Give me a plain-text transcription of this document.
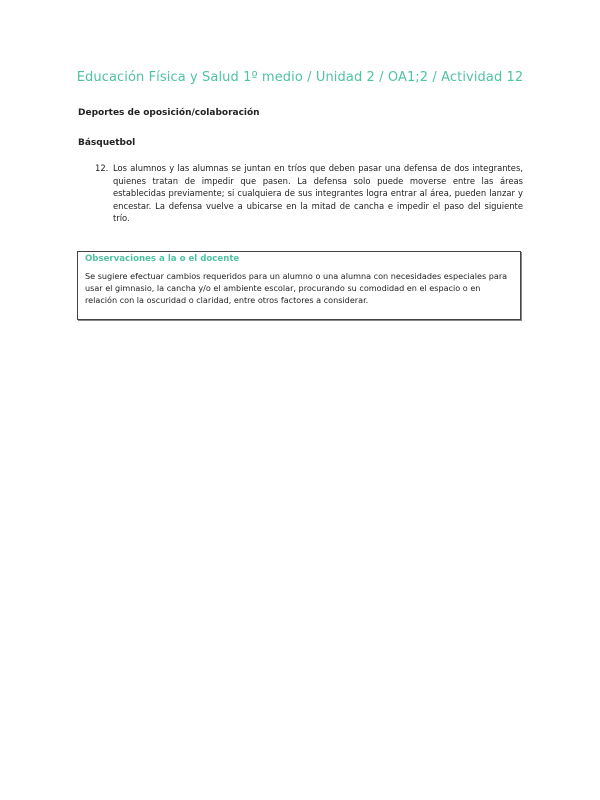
Educación Física y Salud 1º medio / Unidad 2 / OA1;2 / Actividad 12
Deportes de oposición/colaboración
Básquetbol
12. Los alumnos y las alumnas se juntan en tríos que deben pasar una defensa de dos integrantes, quienes tratan de impedir que pasen. La defensa solo puede moverse entre las áreas establecidas previamente; si cualquiera de sus integrantes logra entrar al área, pueden lanzar y encestar. La defensa vuelve a ubicarse en la mitad de cancha e impedir el paso del siguiente trío.
Observaciones a la o el docente
Se sugiere efectuar cambios requeridos para un alumno o una alumna con necesidades especiales para usar el gimnasio, la cancha y/o el ambiente escolar, procurando su comodidad en el espacio o en relación con la oscuridad o claridad, entre otros factores a considerar.
